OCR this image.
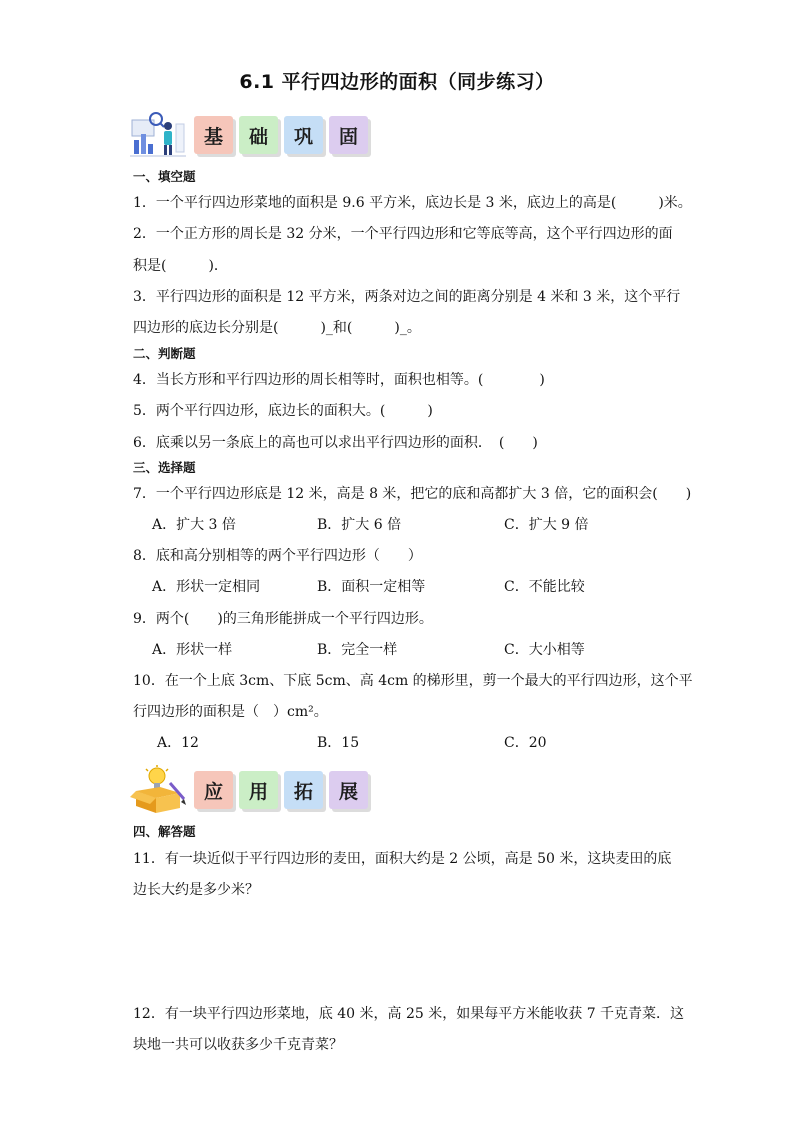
6.1 平行四边形的面积（同步练习）
基	础	巩	固
一、填空题
1．一个平行四边形菜地的面积是 9.6 平方米，底边长是 3 米，底边上的高是(　　　)米。
2．一个正方形的周长是 32 分米，一个平行四边形和它等底等高，这个平行四边形的面
积是(　　　)．
3．平行四边形的面积是 12 平方米，两条对边之间的距离分别是 4 米和 3 米，这个平行
四边形的底边长分别是(　　　)_和(　　　)_。
二、判断题
4．当长方形和平行四边形的周长相等时，面积也相等。(　　　　)
5．两个平行四边形，底边长的面积大。(　　　)
6．底乘以另一条底上的高也可以求出平行四边形的面积．　(　　)
三、选择题
7．一个平行四边形底是 12 米，高是 8 米，把它的底和高都扩大 3 倍，它的面积会(　　)
A．扩大 3 倍	B．扩大 6 倍	C．扩大 9 倍
8．底和高分别相等的两个平行四边形（　　）
A．形状一定相同	B．面积一定相等	C．不能比较
9．两个(　　)的三角形能拼成一个平行四边形。
A．形状一样	B．完全一样	C．大小相等
10．在一个上底 3cm、下底 5cm、高 4cm 的梯形里，剪一个最大的平行四边形，这个平
行四边形的面积是（　）cm²。
A．12	B．15	C．20
应	用	拓	展
四、解答题
11．有一块近似于平行四边形的麦田，面积大约是 2 公顷，高是 50 米，这块麦田的底
边长大约是多少米？
12．有一块平行四边形菜地，底 40 米，高 25 米，如果每平方米能收获 7 千克青菜．这
块地一共可以收获多少千克青菜？
